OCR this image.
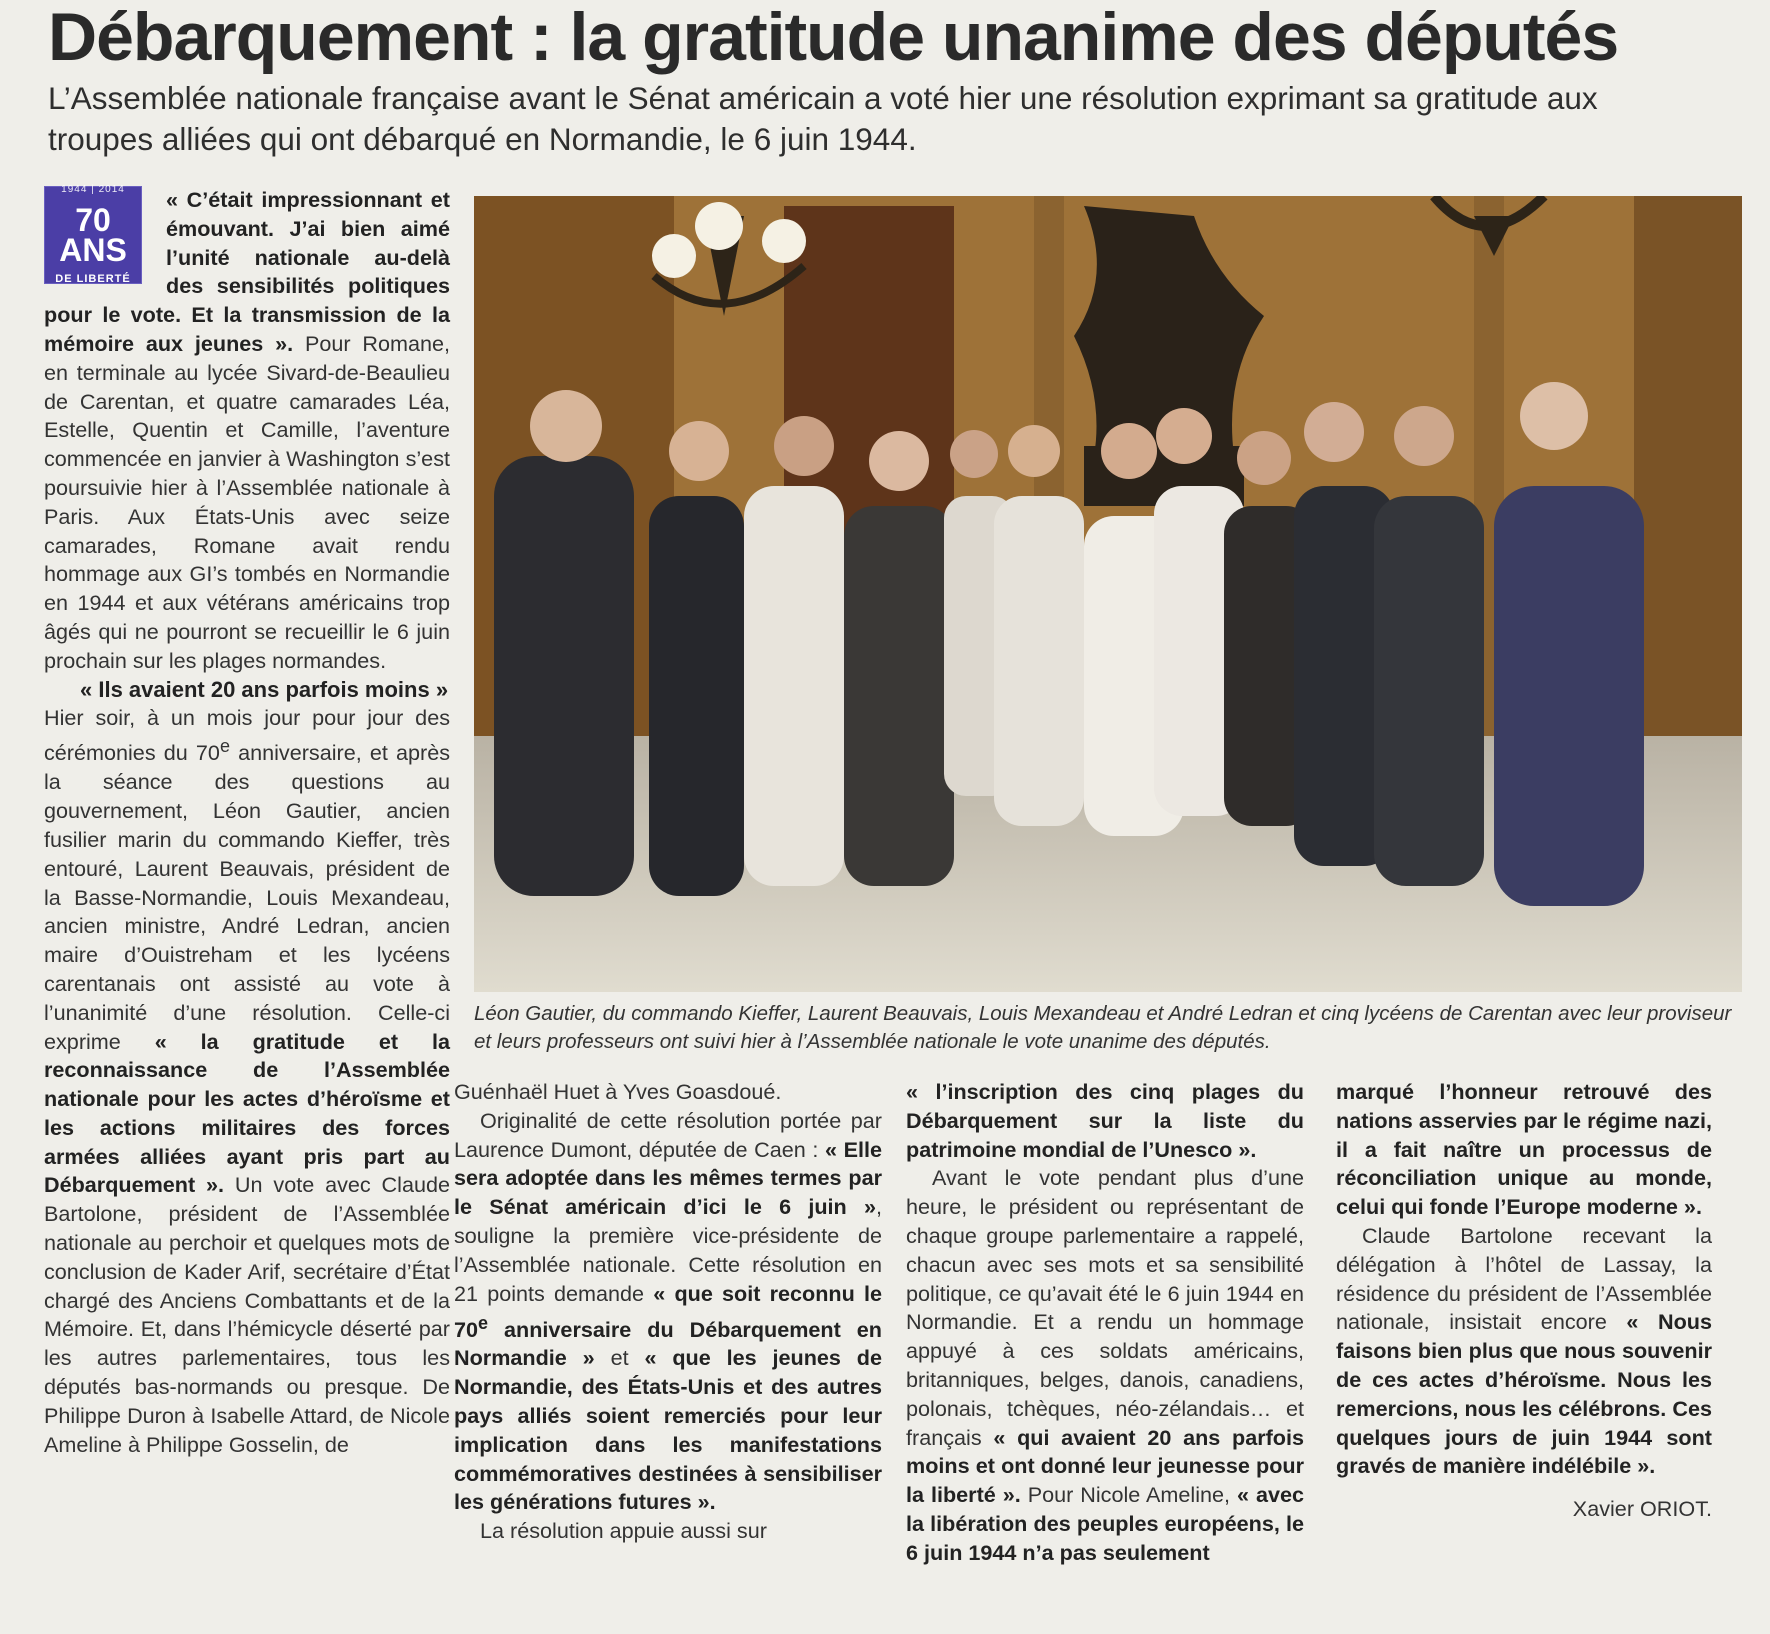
Débarquement : la gratitude unanime des députés

L’Assemblée nationale française avant le Sénat américain a voté hier une résolution exprimant sa gratitude aux troupes alliées qui ont débarqué en Normandie, le 6 juin 1944.

1944 | 2014
70 ANS
DE LIBERTÉ

« C’était impressionnant et émouvant. J’ai bien aimé l’unité nationale au-delà des sensibilités politiques pour le vote. Et la transmission de la mémoire aux jeunes ». Pour Romane, en terminale au lycée Sivard-de-Beaulieu de Carentan, et quatre camarades Léa, Estelle, Quentin et Camille, l’aventure commencée en janvier à Washington s’est poursuivie hier à l’Assemblée nationale à Paris. Aux États-Unis avec seize camarades, Romane avait rendu hommage aux GI’s tombés en Normandie en 1944 et aux vétérans américains trop âgés qui ne pourront se recueillir le 6 juin prochain sur les plages normandes.

« Ils avaient 20 ans parfois moins »

Hier soir, à un mois jour pour jour des cérémonies du 70e anniversaire, et après la séance des questions au gouvernement, Léon Gautier, ancien fusilier marin du commando Kieffer, très entouré, Laurent Beauvais, président de la Basse-Normandie, Louis Mexandeau, ancien ministre, André Ledran, ancien maire d’Ouistreham et les lycéens carentanais ont assisté au vote à l’unanimité d’une résolution. Celle-ci exprime « la gratitude et la reconnaissance de l’Assemblée nationale pour les actes d’héroïsme et les actions militaires des forces armées alliées ayant pris part au Débarquement ». Un vote avec Claude Bartolone, président de l’Assemblée nationale au perchoir et quelques mots de conclusion de Kader Arif, secrétaire d’État chargé des Anciens Combattants et de la Mémoire. Et, dans l’hémicycle déserté par les autres parlementaires, tous les députés bas-normands ou presque. De Philippe Duron à Isabelle Attard, de Nicole Ameline à Philippe Gosselin, de

Léon Gautier, du commando Kieffer, Laurent Beauvais, Louis Mexandeau et André Ledran et cinq lycéens de Carentan avec leur proviseur et leurs professeurs ont suivi hier à l’Assemblée nationale le vote unanime des députés.

Guénhaël Huet à Yves Goasdoué.

Originalité de cette résolution portée par Laurence Dumont, députée de Caen : « Elle sera adoptée dans les mêmes termes par le Sénat américain d’ici le 6 juin », souligne la première vice-présidente de l’Assemblée nationale. Cette résolution en 21 points demande « que soit reconnu le 70e anniversaire du Débarquement en Normandie » et « que les jeunes de Normandie, des États-Unis et des autres pays alliés soient remerciés pour leur implication dans les manifestations commémoratives destinées à sensibiliser les générations futures ».

La résolution appuie aussi sur

« l’inscription des cinq plages du Débarquement sur la liste du patrimoine mondial de l’Unesco ».

Avant le vote pendant plus d’une heure, le président ou représentant de chaque groupe parlementaire a rappelé, chacun avec ses mots et sa sensibilité politique, ce qu’avait été le 6 juin 1944 en Normandie. Et a rendu un hommage appuyé à ces soldats américains, britanniques, belges, danois, canadiens, polonais, tchèques, néo-zélandais… et français « qui avaient 20 ans parfois moins et ont donné leur jeunesse pour la liberté ». Pour Nicole Ameline, « avec la libération des peuples européens, le 6 juin 1944 n’a pas seulement

marqué l’honneur retrouvé des nations asservies par le régime nazi, il a fait naître un processus de réconciliation unique au monde, celui qui fonde l’Europe moderne ».

Claude Bartolone recevant la délégation à l’hôtel de Lassay, la résidence du président de l’Assemblée nationale, insistait encore « Nous faisons bien plus que nous souvenir de ces actes d’héroïsme. Nous les remercions, nous les célébrons. Ces quelques jours de juin 1944 sont gravés de manière indélébile ».

Xavier ORIOT.
